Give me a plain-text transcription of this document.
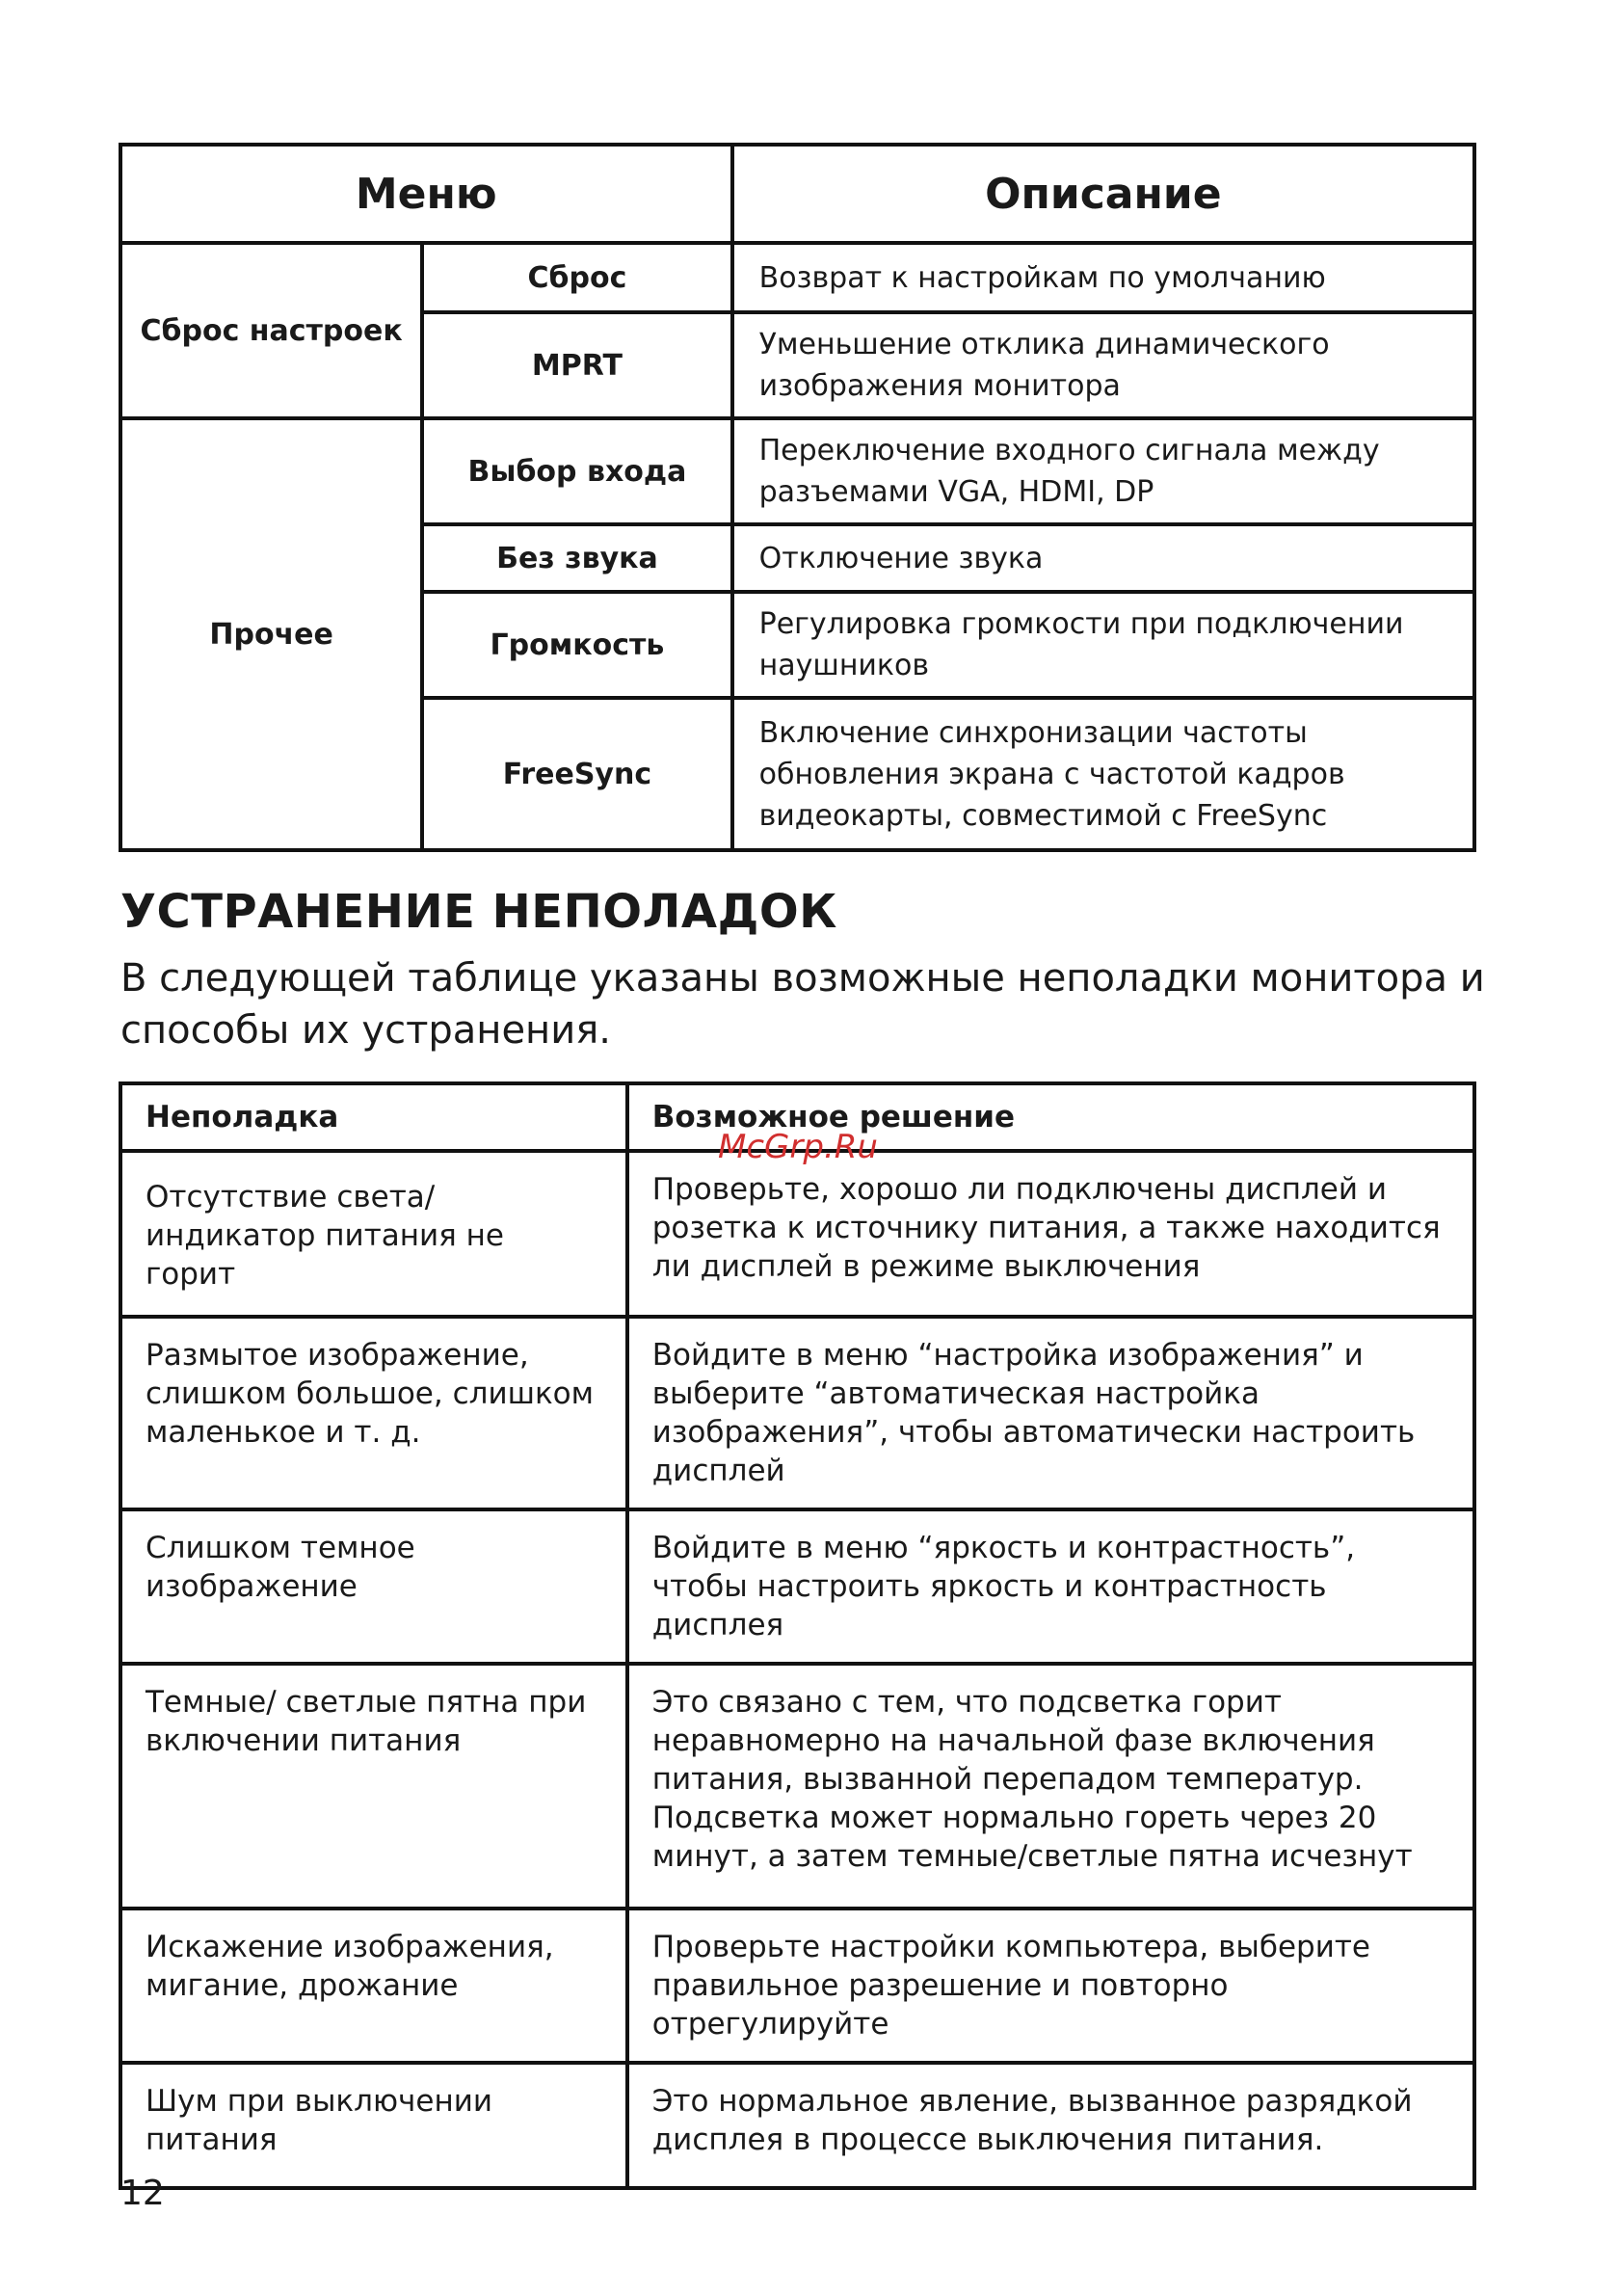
Меню		Описание
Сброс настроек	Сброс	Возврат к настройкам по умолчанию
	MPRT	Уменьшение отклика динамического изображения монитора
Прочее	Выбор входа	Переключение входного сигнала между разъемами VGA, HDMI, DP
	Без звука	Отключение звука
	Громкость	Регулировка громкости при подключении наушников
	FreeSync	Включение синхронизации частоты обновления экрана с частотой кадров видеокарты, совместимой с FreeSync
УСТРАНЕНИЕ НЕПОЛАДОК

В следующей таблице указаны возможные неполадки монитора и способы их устранения.

Неполадка	Возможное решение
Отсутствие света/ индикатор питания не горит	Проверьте, хорошо ли подключены дисплей и розетка к источнику питания, а также находится ли дисплей в режиме выключения
Размытое изображение, слишком большое, слишком маленькое и т. д.	Войдите в меню “настройка изображения” и выберите “автоматическая настройка изображения”, чтобы автоматически настроить дисплей
Слишком темное изображение	Войдите в меню “яркость и контрастность”, чтобы настроить яркость и контрастность дисплея
Темные/ светлые пятна при включении питания	Это связано с тем, что подсветка горит неравномерно на начальной фазе включения питания, вызванной перепадом температур. Подсветка может нормально гореть через 20 минут, а затем темные/светлые пятна исчезнут
Искажение изображения, мигание, дрожание	Проверьте настройки компьютера, выберите правильное разрешение и повторно отрегулируйте
Шум при выключении питания	Это нормальное явление, вызванное разрядкой дисплея в процессе выключения питания.

McGrp.Ru

12
